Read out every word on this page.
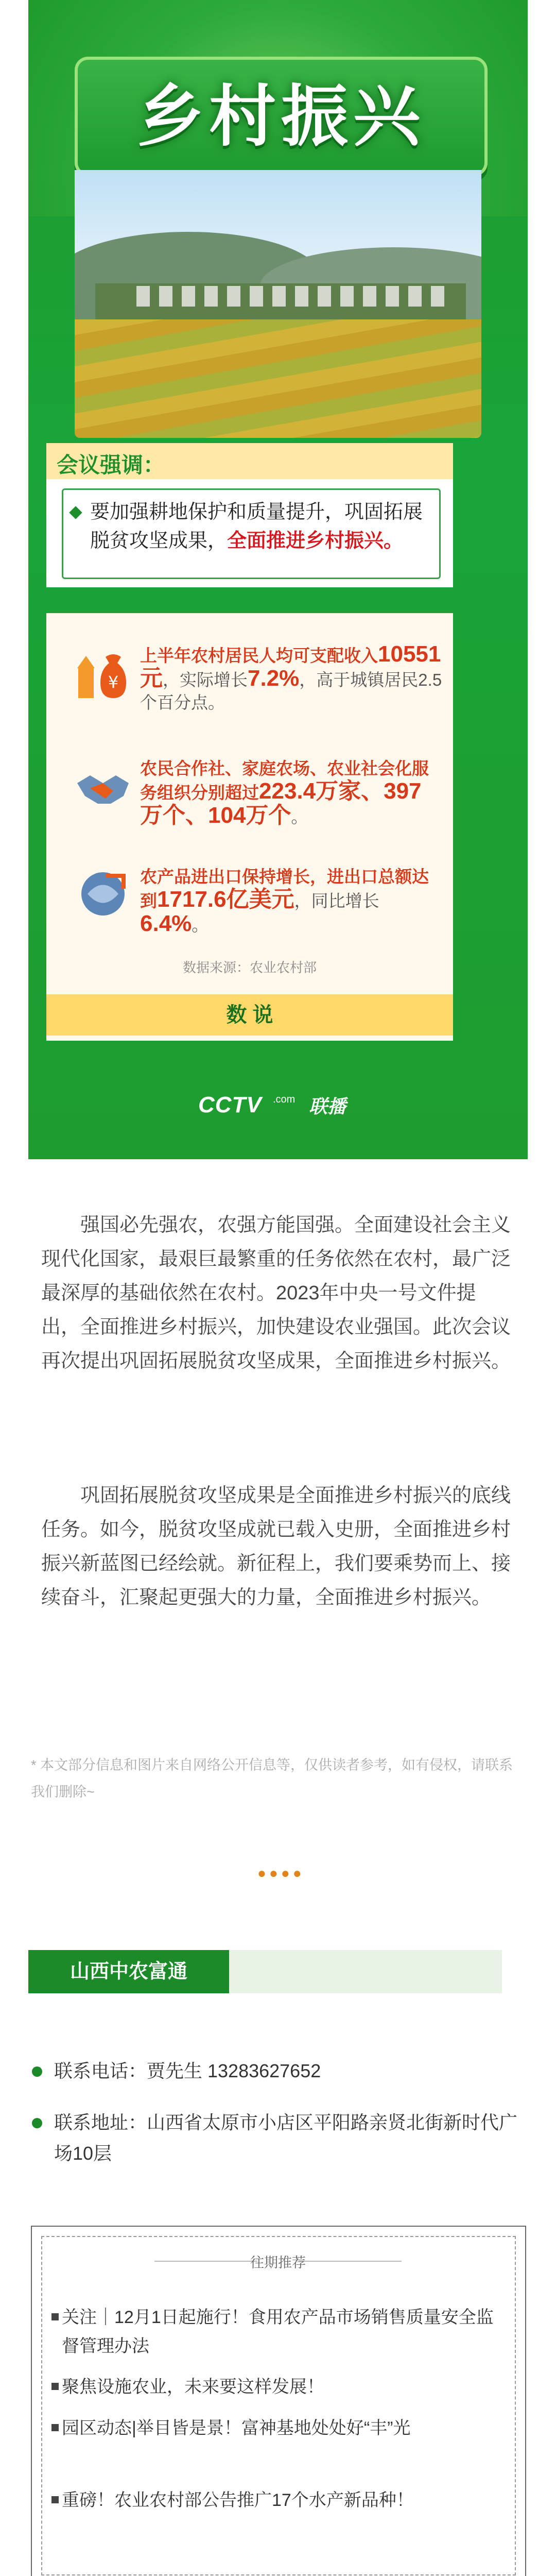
乡村振兴
会议强调：
要加强耕地保护和质量提升，巩固拓展脱贫攻坚成果，全面推进乡村振兴。
¥
上半年农村居民人均可支配收入10551元，实际增长7.2%，高于城镇居民2.5个百分点。
农民合作社、家庭农场、农业社会化服务组织分别超过223.4万家、397万个、104万个。
农产品进出口保持增长，进出口总额达到1717.6亿美元，同比增长6.4%。
数据来源：农业农村部
数 说
CCTV .com 联播
强国必先强农，农强方能国强。全面建设社会主义现代化国家，最艰巨最繁重的任务依然在农村，最广泛最深厚的基础依然在农村。2023年中央一号文件提出，全面推进乡村振兴，加快建设农业强国。此次会议再次提出巩固拓展脱贫攻坚成果，全面推进乡村振兴。
巩固拓展脱贫攻坚成果是全面推进乡村振兴的底线任务。如今，脱贫攻坚成就已载入史册，全面推进乡村振兴新蓝图已经绘就。新征程上，我们要乘势而上、接续奋斗，汇聚起更强大的力量，全面推进乡村振兴。
* 本文部分信息和图片来自网络公开信息等，仅供读者参考，如有侵权，请联系我们删除~
●●●●
山西中农富通
联系电话：贾先生 13283627652
联系地址：山西省太原市小店区平阳路亲贤北街新时代广场10层
往期推荐
关注｜12月1日起施行！食用农产品市场销售质量安全监督管理办法
聚焦设施农业，未来要这样发展！
园区动态|举目皆是景！富神基地处处好“丰”光
重磅！农业农村部公告推广17个水产新品种！
